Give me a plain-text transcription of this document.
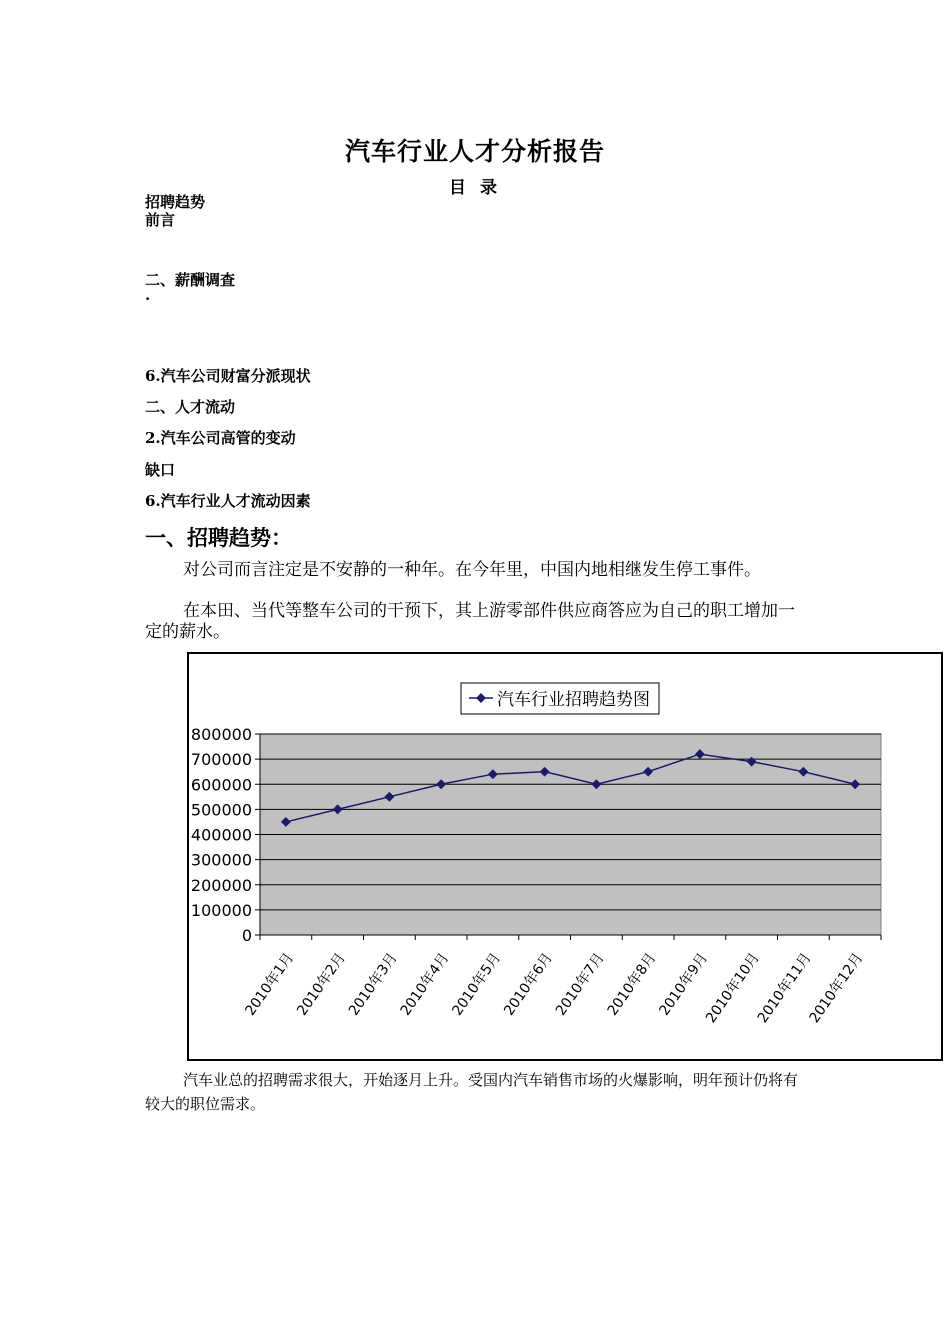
汽车行业人才分析报告
目 录
招聘趋势
前言
二、薪酬调查
·
6.汽车公司财富分派现状
二、人才流动
2.汽车公司高管的变动
缺口
6.汽车行业人才流动因素
一、招聘趋势：
对公司而言注定是不安静的一种年。在今年里，中国内地相继发生停工事件。
在本田、当代等整车公司的干预下，其上游零部件供应商答应为自己的职工增加一定的薪水。
汽车行业招聘趋势图
800000
700000
600000
500000
400000
300000
200000
100000
0
2010年1月
2010年2月
2010年3月
2010年4月
2010年5月
2010年6月
2010年7月
2010年8月
2010年9月
2010年10月
2010年11月
2010年12月
汽车业总的招聘需求很大，开始逐月上升。受国内汽车销售市场的火爆影响，明年预计仍将有较大的职位需求。
